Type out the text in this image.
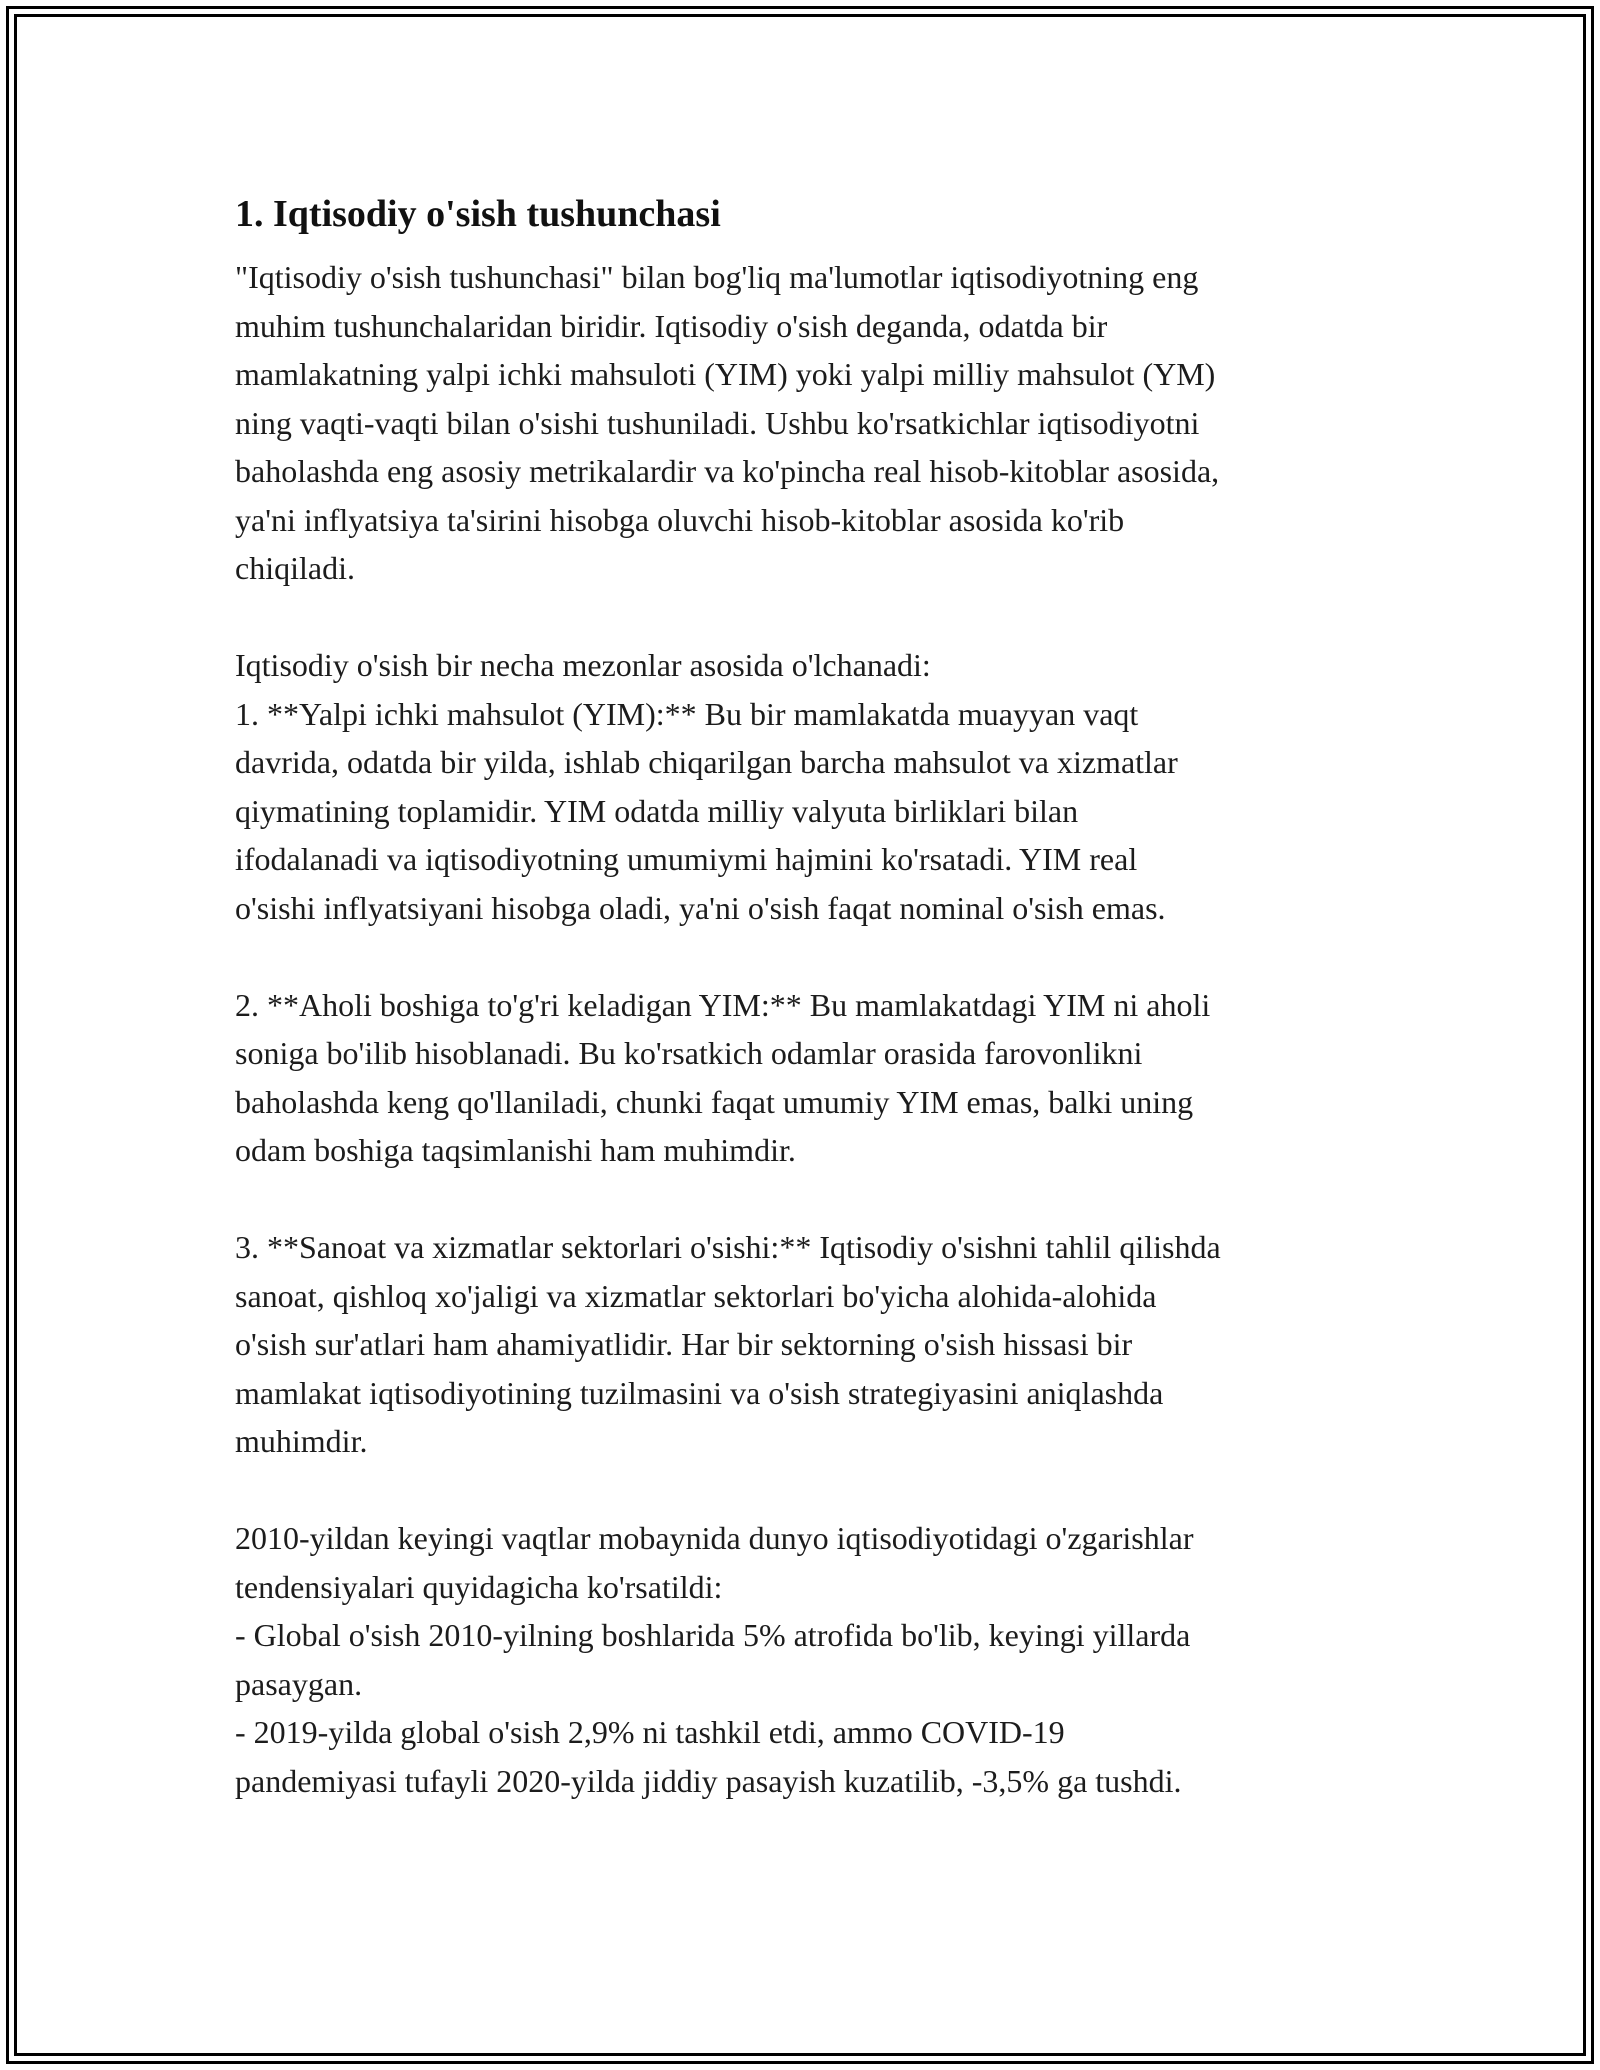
1. Iqtisodiy o'sish tushunchasi

"Iqtisodiy o'sish tushunchasi" bilan bog'liq ma'lumotlar iqtisodiyotning eng
muhim tushunchalaridan biridir. Iqtisodiy o'sish deganda, odatda bir
mamlakatning yalpi ichki mahsuloti (YIM) yoki yalpi milliy mahsulot (YM)
ning vaqti-vaqti bilan o'sishi tushuniladi. Ushbu ko'rsatkichlar iqtisodiyotni
baholashda eng asosiy metrikalardir va ko'pincha real hisob-kitoblar asosida,
ya'ni inflyatsiya ta'sirini hisobga oluvchi hisob-kitoblar asosida ko'rib
chiqiladi.

Iqtisodiy o'sish bir necha mezonlar asosida o'lchanadi:
1. **Yalpi ichki mahsulot (YIM):** Bu bir mamlakatda muayyan vaqt
davrida, odatda bir yilda, ishlab chiqarilgan barcha mahsulot va xizmatlar
qiymatining toplamidir. YIM odatda milliy valyuta birliklari bilan
ifodalanadi va iqtisodiyotning umumiymi hajmini ko'rsatadi. YIM real
o'sishi inflyatsiyani hisobga oladi, ya'ni o'sish faqat nominal o'sish emas.

2. **Aholi boshiga to'g'ri keladigan YIM:** Bu mamlakatdagi YIM ni aholi
soniga bo'ilib hisoblanadi. Bu ko'rsatkich odamlar orasida farovonlikni
baholashda keng qo'llaniladi, chunki faqat umumiy YIM emas, balki uning
odam boshiga taqsimlanishi ham muhimdir.

3. **Sanoat va xizmatlar sektorlari o'sishi:** Iqtisodiy o'sishni tahlil qilishda
sanoat, qishloq xo'jaligi va xizmatlar sektorlari bo'yicha alohida-alohida
o'sish sur'atlari ham ahamiyatlidir. Har bir sektorning o'sish hissasi bir
mamlakat iqtisodiyotining tuzilmasini va o'sish strategiyasini aniqlashda
muhimdir.

2010-yildan keyingi vaqtlar mobaynida dunyo iqtisodiyotidagi o'zgarishlar
tendensiyalari quyidagicha ko'rsatildi:
- Global o'sish 2010-yilning boshlarida 5% atrofida bo'lib, keyingi yillarda
pasaygan.
- 2019-yilda global o'sish 2,9% ni tashkil etdi, ammo COVID-19
pandemiyasi tufayli 2020-yilda jiddiy pasayish kuzatilib, -3,5% ga tushdi.
